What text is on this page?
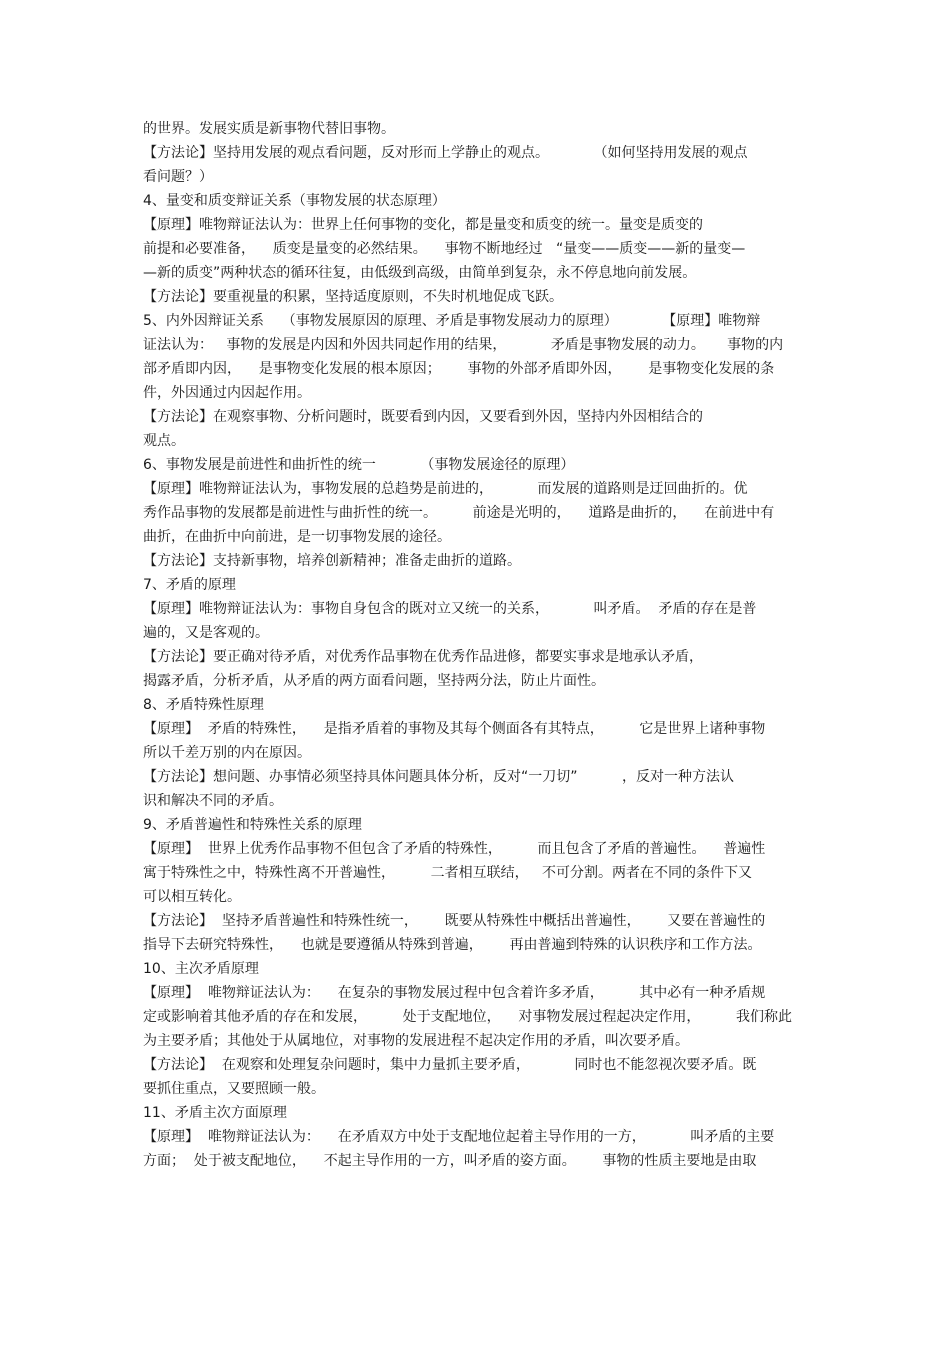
的世界。发展实质是新事物代替旧事物。
【方法论】坚持用发展的观点看问题，反对形而上学静止的观点。          （如何坚持用发展的观点
看问题？）
4、量变和质变辩证关系（事物发展的状态原理）
【原理】唯物辩证法认为：世界上任何事物的变化，都是量变和质变的统一。量变是质变的
前提和必要准备，    质变是量变的必然结果。    事物不断地经过   “量变——质变——新的量变—
—新的质变”两种状态的循环往复，由低级到高级，由简单到复杂，永不停息地向前发展。
【方法论】要重视量的积累，坚持适度原则，不失时机地促成飞跃。
5、内外因辩证关系    （事物发展原因的原理、矛盾是事物发展动力的原理）          【原理】唯物辩
证法认为：   事物的发展是内因和外因共同起作用的结果，          矛盾是事物发展的动力。     事物的内
部矛盾即内因，    是事物变化发展的根本原因；      事物的外部矛盾即外因，      是事物变化发展的条
件，外因通过内因起作用。
【方法论】在观察事物、分析问题时，既要看到内因，又要看到外因，坚持内外因相结合的
观点。
6、事物发展是前进性和曲折性的统一          （事物发展途径的原理）
【原理】唯物辩证法认为，事物发展的总趋势是前进的，          而发展的道路则是迂回曲折的。优
秀作品事物的发展都是前进性与曲折性的统一。        前途是光明的，    道路是曲折的，    在前进中有
曲折，在曲折中向前进，是一切事物发展的途径。
【方法论】支持新事物，培养创新精神；准备走曲折的道路。
7、矛盾的原理
【原理】唯物辩证法认为：事物自身包含的既对立又统一的关系，          叫矛盾。  矛盾的存在是普
遍的，又是客观的。
【方法论】要正确对待矛盾，对优秀作品事物在优秀作品进修，都要实事求是地承认矛盾，
揭露矛盾，分析矛盾，从矛盾的两方面看问题，坚持两分法，防止片面性。
8、矛盾特殊性原理
【原理】  矛盾的特殊性，    是指矛盾着的事物及其每个侧面各有其特点，        它是世界上诸种事物
所以千差万别的内在原因。
【方法论】想问题、办事情必须坚持具体问题具体分析，反对“一刀切”          ，反对一种方法认
识和解决不同的矛盾。
9、矛盾普遍性和特殊性关系的原理
【原理】  世界上优秀作品事物不但包含了矛盾的特殊性，        而且包含了矛盾的普遍性。    普遍性
寓于特殊性之中，特殊性离不开普遍性，        二者相互联结，   不可分割。两者在不同的条件下又
可以相互转化。
【方法论】  坚持矛盾普遍性和特殊性统一，      既要从特殊性中概括出普遍性，      又要在普遍性的
指导下去研究特殊性，    也就是要遵循从特殊到普遍，      再由普遍到特殊的认识秩序和工作方法。
10、主次矛盾原理
【原理】  唯物辩证法认为：    在复杂的事物发展过程中包含着许多矛盾，        其中必有一种矛盾规
定或影响着其他矛盾的存在和发展，        处于支配地位，    对事物发展过程起决定作用，        我们称此
为主要矛盾；其他处于从属地位，对事物的发展进程不起决定作用的矛盾，叫次要矛盾。
【方法论】  在观察和处理复杂问题时，集中力量抓主要矛盾，          同时也不能忽视次要矛盾。既
要抓住重点，又要照顾一般。
11、矛盾主次方面原理
【原理】  唯物辩证法认为：    在矛盾双方中处于支配地位起着主导作用的一方，          叫矛盾的主要
方面；  处于被支配地位，    不起主导作用的一方，叫矛盾的姿方面。      事物的性质主要地是由取
